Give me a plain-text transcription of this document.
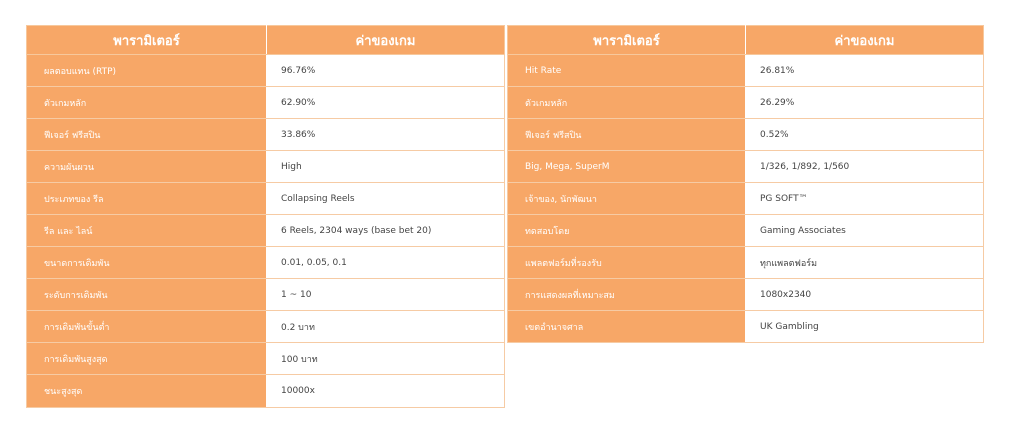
พารามิเตอร์	ค่าของเกม
ผลตอบแทน (RTP)	96.76%
ตัวเกมหลัก	62.90%
ฟีเจอร์ ฟรีสปิน	33.86%
ความผันผวน	High
ประเภทของ รีล	Collapsing Reels
รีล และ ไลน์	6 Reels, 2304 ways (base bet 20)
ขนาดการเดิมพัน	0.01, 0.05, 0.1
ระดับการเดิมพัน	1 ~ 10
การเดิมพันขั้นต่ำ	0.2 บาท
การเดิมพันสูงสุด	100 บาท
ชนะสูงสุด	10000x
พารามิเตอร์	ค่าของเกม
Hit Rate	26.81%
ตัวเกมหลัก	26.29%
ฟีเจอร์ ฟรีสปิน	0.52%
Big, Mega, SuperM	1/326, 1/892, 1/560
เจ้าของ, นักพัฒนา	PG SOFT™
ทดสอบโดย	Gaming Associates
แพลตฟอร์มที่รองรับ	ทุกแพลตฟอร์ม
การแสดงผลที่เหมาะสม	1080x2340
เขตอำนาจศาล	UK Gambling
